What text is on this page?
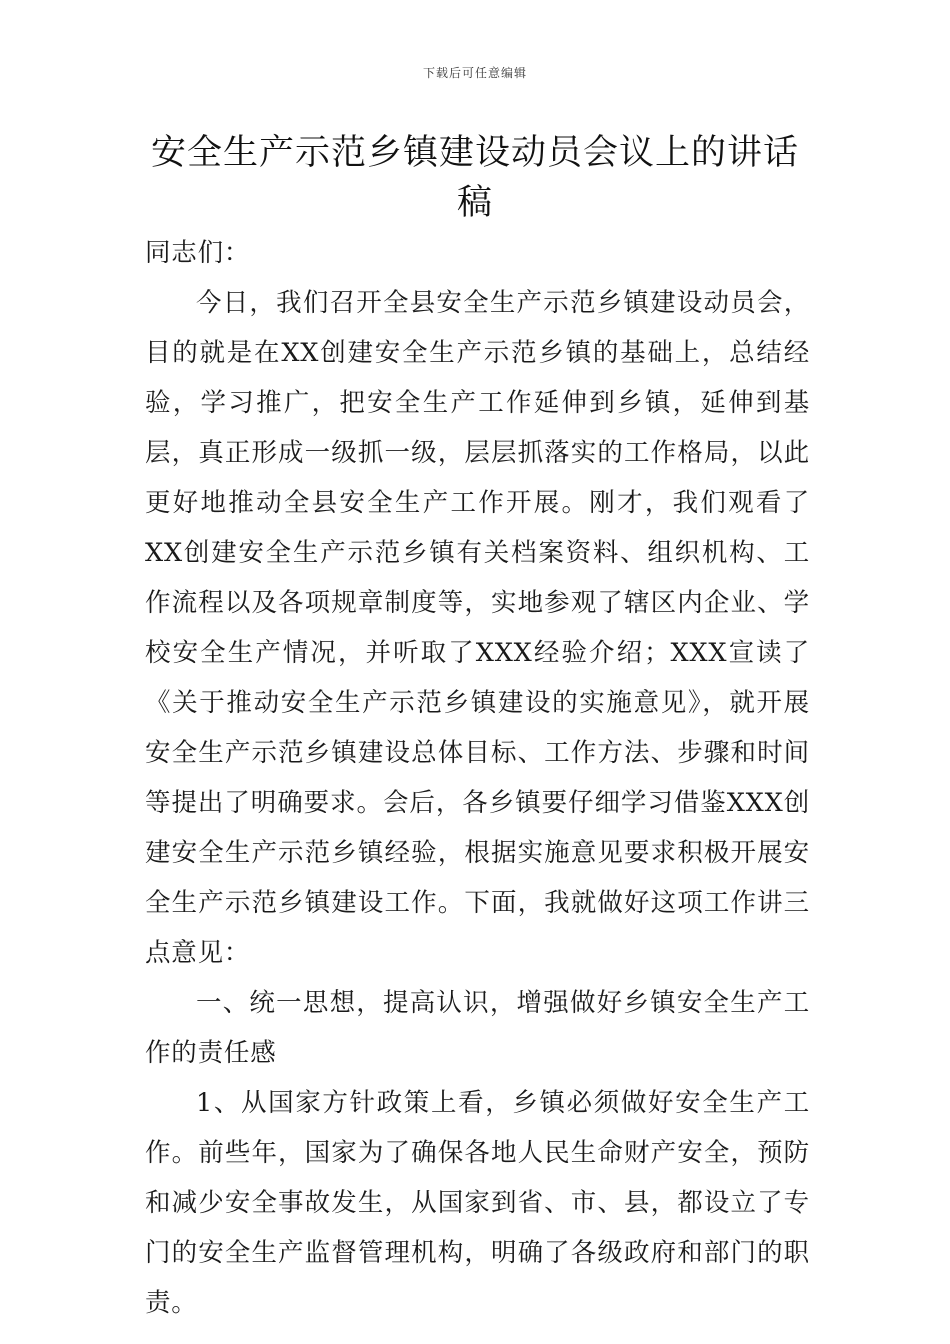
下载后可任意编辑
安全生产示范乡镇建设动员会议上的讲话稿

同志们：

今日，我们召开全县安全生产示范乡镇建设动员会，目的就是在XX创建安全生产示范乡镇的基础上，总结经验，学习推广，把安全生产工作延伸到乡镇，延伸到基层，真正形成一级抓一级，层层抓落实的工作格局，以此更好地推动全县安全生产工作开展。刚才，我们观看了XX创建安全生产示范乡镇有关档案资料、组织机构、工作流程以及各项规章制度等，实地参观了辖区内企业、学校安全生产情况，并听取了XXX经验介绍；XXX宣读了《关于推动安全生产示范乡镇建设的实施意见》，就开展安全生产示范乡镇建设总体目标、工作方法、步骤和时间等提出了明确要求。会后，各乡镇要仔细学习借鉴XXX创建安全生产示范乡镇经验，根据实施意见要求积极开展安全生产示范乡镇建设工作。下面，我就做好这项工作讲三点意见：

一、统一思想，提高认识，增强做好乡镇安全生产工作的责任感

1、从国家方针政策上看，乡镇必须做好安全生产工作。前些年，国家为了确保各地人民生命财产安全，预防和减少安全事故发生，从国家到省、市、县，都设立了专门的安全生产监督管理机构，明确了各级政府和部门的职责。
